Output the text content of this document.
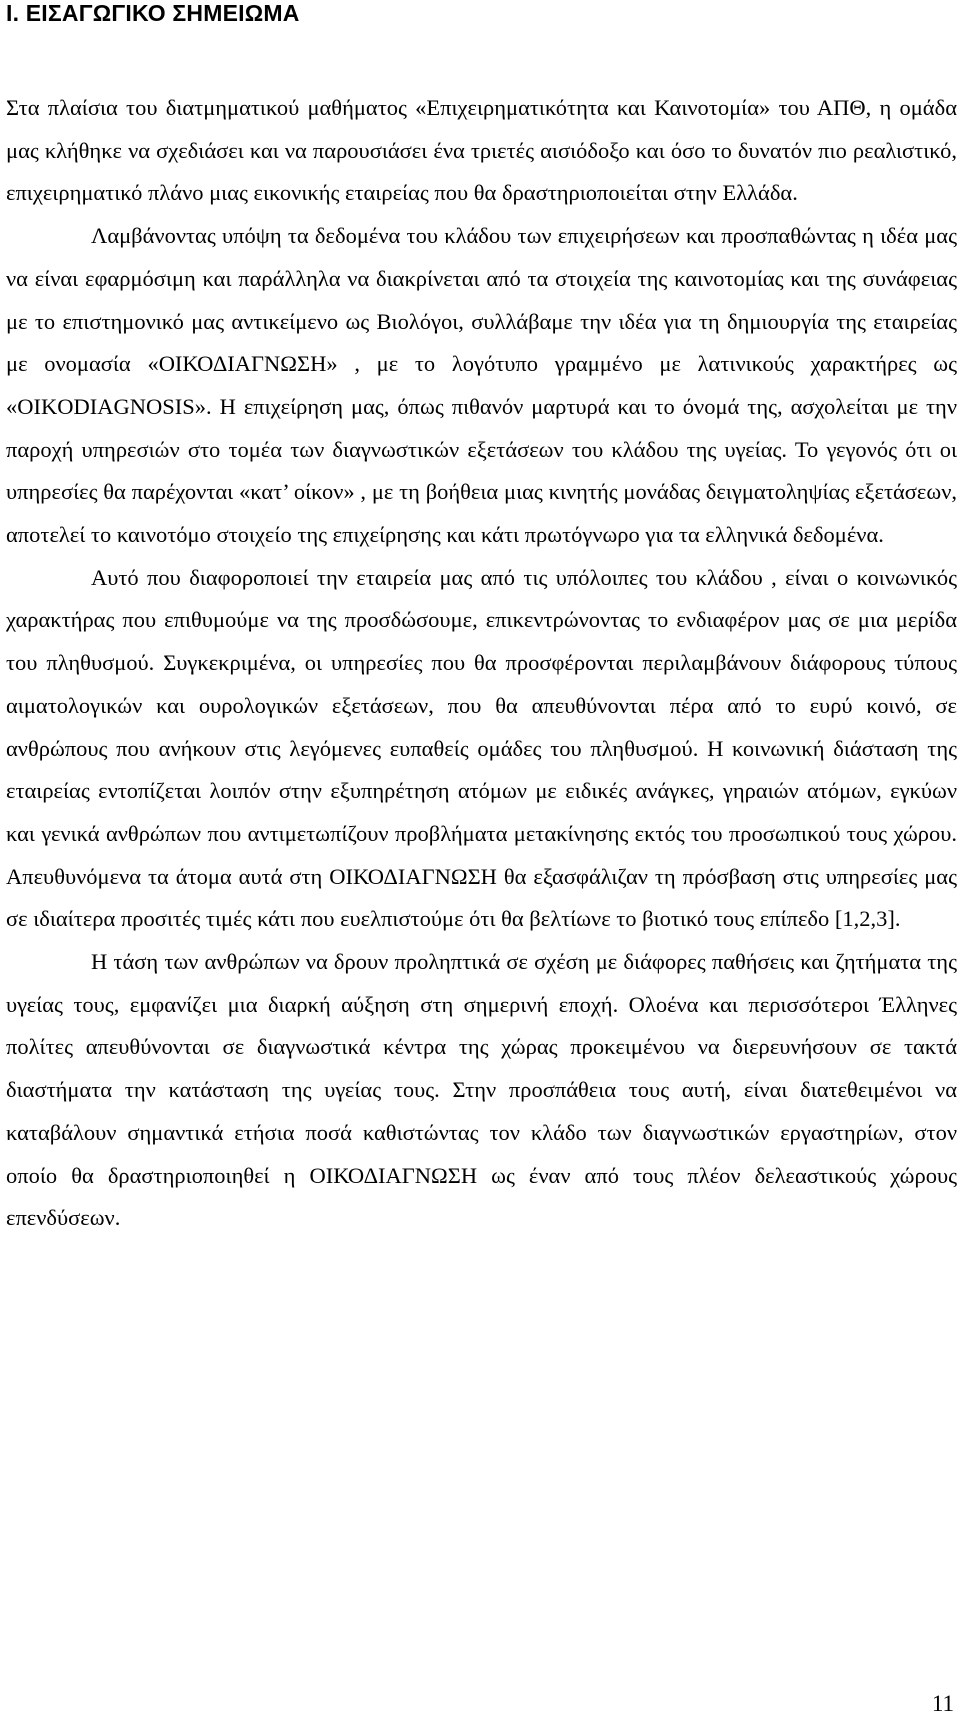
I. ΕΙΣΑΓΩΓΙΚΟ ΣΗΜΕΙΩΜΑ

Στα πλαίσια του διατμηματικού μαθήματος «Επιχειρηματικότητα και Καινοτομία» του ΑΠΘ, η ομάδα μας κλήθηκε να σχεδιάσει και να παρουσιάσει ένα τριετές αισιόδοξο και όσο το δυνατόν πιο ρεαλιστικό, επιχειρηματικό πλάνο μιας εικονικής εταιρείας που θα δραστηριοποιείται στην Ελλάδα.

Λαμβάνοντας υπόψη τα δεδομένα του κλάδου των επιχειρήσεων και προσπαθώντας η ιδέα μας να είναι εφαρμόσιμη και παράλληλα να διακρίνεται από τα στοιχεία της καινοτομίας και της συνάφειας με το επιστημονικό μας αντικείμενο ως Βιολόγοι, συλλάβαμε την ιδέα για τη δημιουργία της εταιρείας με ονομασία «ΟΙΚΟΔΙΑΓΝΩΣΗ» , με το λογότυπο γραμμένο με λατινικούς χαρακτήρες ως «OIKODIAGNOSIS». Η επιχείρηση μας, όπως πιθανόν μαρτυρά και το όνομά της, ασχολείται με την παροχή υπηρεσιών στο τομέα των διαγνωστικών εξετάσεων του κλάδου της υγείας. Το γεγονός ότι οι υπηρεσίες θα παρέχονται «κατ’ οίκον» , με τη βοήθεια μιας κινητής μονάδας δειγματοληψίας εξετάσεων, αποτελεί το καινοτόμο στοιχείο της επιχείρησης και κάτι πρωτόγνωρο για τα ελληνικά δεδομένα.

Αυτό που διαφοροποιεί την εταιρεία μας από τις υπόλοιπες του κλάδου , είναι ο κοινωνικός χαρακτήρας που επιθυμούμε να της προσδώσουμε, επικεντρώνοντας το ενδιαφέρον μας σε μια μερίδα του πληθυσμού. Συγκεκριμένα, οι υπηρεσίες που θα προσφέρονται περιλαμβάνουν διάφορους τύπους αιματολογικών και ουρολογικών εξετάσεων, που θα απευθύνονται πέρα από το ευρύ κοινό, σε ανθρώπους που ανήκουν στις λεγόμενες ευπαθείς ομάδες του πληθυσμού. Η κοινωνική διάσταση της εταιρείας εντοπίζεται λοιπόν στην εξυπηρέτηση ατόμων με ειδικές ανάγκες, γηραιών ατόμων, εγκύων και γενικά ανθρώπων που αντιμετωπίζουν προβλήματα μετακίνησης εκτός του προσωπικού τους χώρου. Απευθυνόμενα τα άτομα αυτά στη ΟΙΚΟΔΙΑΓΝΩΣΗ θα εξασφάλιζαν τη πρόσβαση στις υπηρεσίες μας σε ιδιαίτερα προσιτές τιμές κάτι που ευελπιστούμε ότι θα βελτίωνε το βιοτικό τους επίπεδο [1,2,3].

Η τάση των ανθρώπων να δρουν προληπτικά σε σχέση με διάφορες παθήσεις και ζητήματα της υγείας τους, εμφανίζει μια διαρκή αύξηση στη σημερινή εποχή. Ολοένα και περισσότεροι Έλληνες πολίτες απευθύνονται σε διαγνωστικά κέντρα της χώρας προκειμένου να διερευνήσουν σε τακτά διαστήματα την κατάσταση της υγείας τους. Στην προσπάθεια τους αυτή, είναι διατεθειμένοι να καταβάλουν σημαντικά ετήσια ποσά καθιστώντας τον κλάδο των διαγνωστικών εργαστηρίων, στον οποίο θα δραστηριοποιηθεί η ΟΙΚΟΔΙΑΓΝΩΣΗ ως έναν από τους πλέον δελεαστικούς χώρους επενδύσεων.

11
